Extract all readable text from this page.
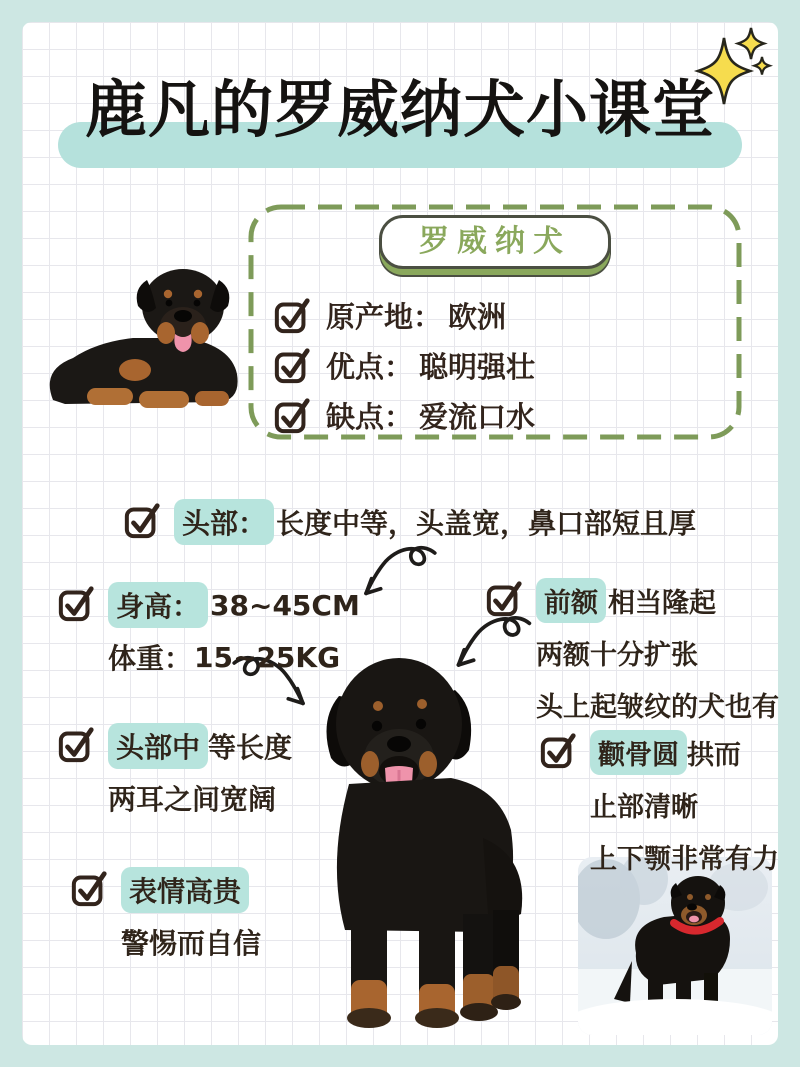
鹿凡的罗威纳犬小课堂
罗威纳犬
原产地： 欧洲
优点： 聪明强壮
缺点： 爱流口水
头部： 长度中等，头盖宽，鼻口部短且厚
身高： 38~45CM
体重： 15~25KG
前额 相当隆起
两额十分扩张
头上起皱纹的犬也有
头部中 等长度
两耳之间宽阔
颧骨圆 拱而
止部清晰
上下颚非常有力
表情高贵
警惕而自信
